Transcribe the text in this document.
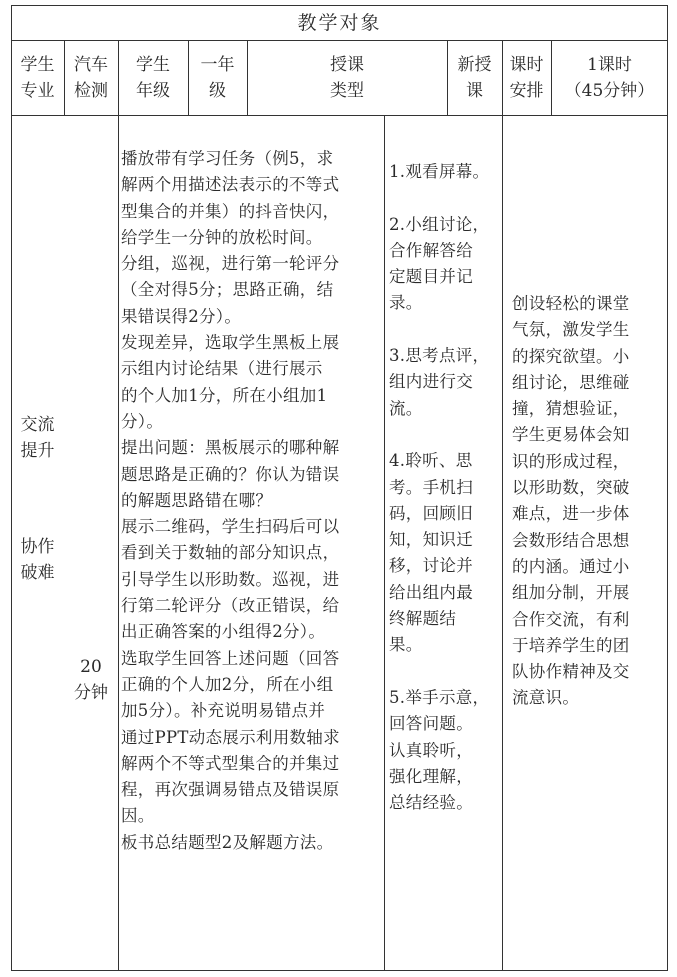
教学对象
学生
专业
汽车
检测
学生
年级
一年
级
授课
类型
新授
课
课时
安排
1课时
（45分钟）
交流
提升
协作
破难
20
分钟
播放带有学习任务（例5，求
解两个用描述法表示的不等式
型集合的并集）的抖音快闪，
给学生一分钟的放松时间。
分组，巡视，进行第一轮评分
（全对得5分；思路正确，结
果错误得2分）。
发现差异，选取学生黑板上展
示组内讨论结果（进行展示
的个人加1分，所在小组加1
分）。
提出问题：黑板展示的哪种解
题思路是正确的？你认为错误
的解题思路错在哪？
展示二维码，学生扫码后可以
看到关于数轴的部分知识点，
引导学生以形助数。巡视，进
行第二轮评分（改正错误，给
出正确答案的小组得2分）。
选取学生回答上述问题（回答
正确的个人加2分，所在小组
加5分）。补充说明易错点并
通过PPT动态展示利用数轴求
解两个不等式型集合的并集过
程，再次强调易错点及错误原
因。
板书总结题型2及解题方法。
1.观看屏幕。

2.小组讨论，
合作解答给
定题目并记
录。

3.思考点评，
组内进行交
流。

4.聆听、思
考。手机扫
码，回顾旧
知，知识迁
移，讨论并
给出组内最
终解题结
果。

5.举手示意，
回答问题。
认真聆听，
强化理解，
总结经验。
创设轻松的课堂
气氛，激发学生
的探究欲望。小
组讨论，思维碰
撞，猜想验证，
学生更易体会知
识的形成过程，
以形助数，突破
难点，进一步体
会数形结合思想
的内涵。通过小
组加分制，开展
合作交流，有利
于培养学生的团
队协作精神及交
流意识。
